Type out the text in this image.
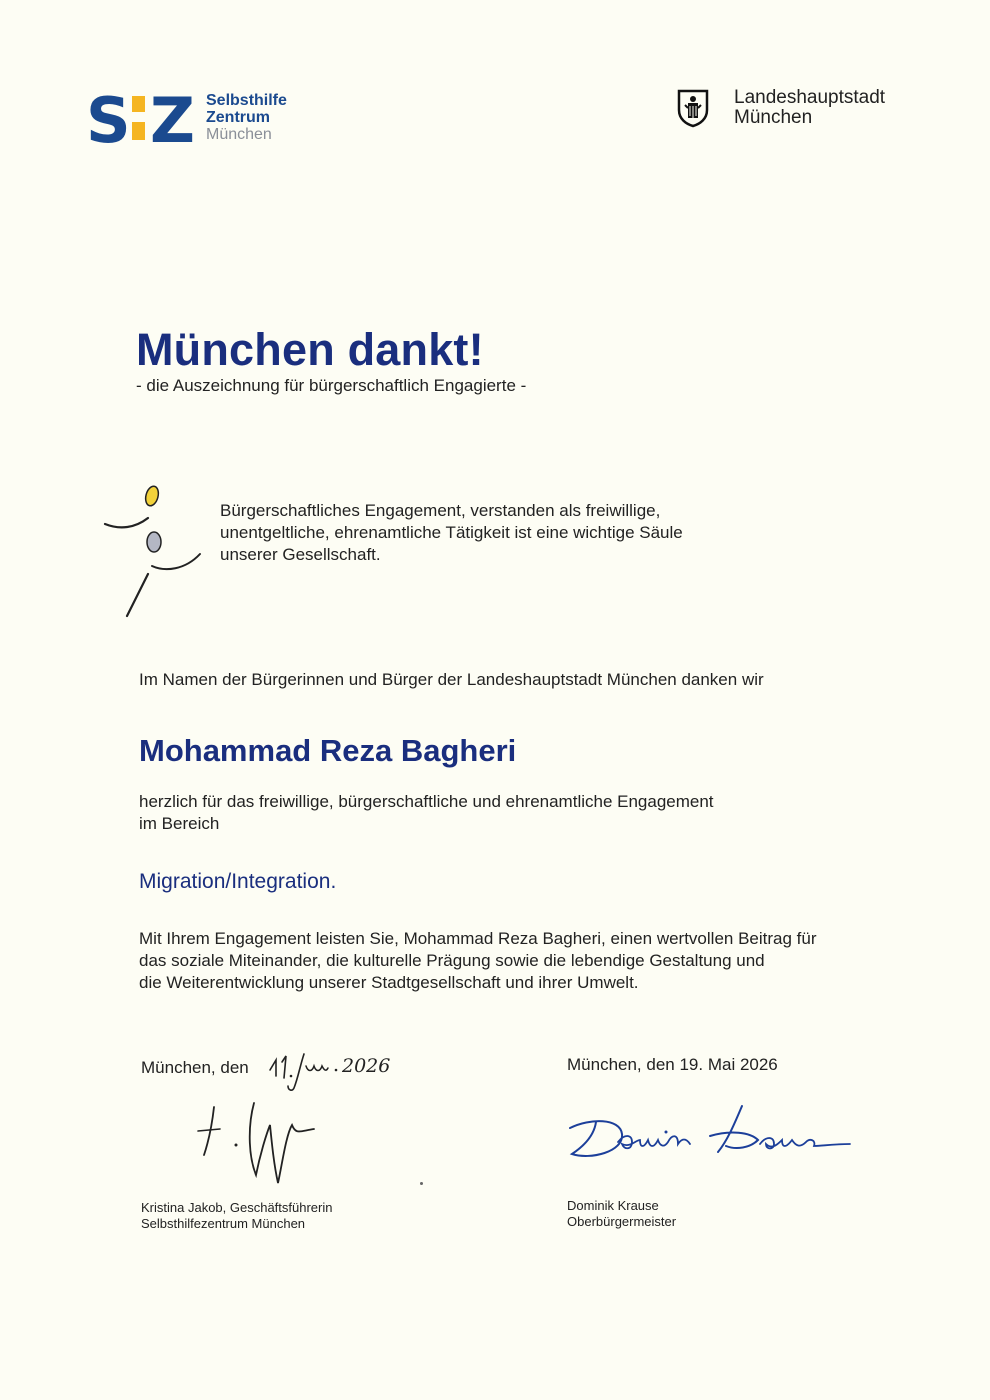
S Z Selbsthilfe
Zentrum
München
Landeshauptstadt
München
München dankt!
- die Auszeichnung für bürgerschaftlich Engagierte -
Bürgerschaftliches Engagement, verstanden als freiwillige,
unentgeltliche, ehrenamtliche Tätigkeit ist eine wichtige Säule
unserer Gesellschaft.
Im Namen der Bürgerinnen und Bürger der Landeshauptstadt München danken wir
Mohammad Reza Bagheri
herzlich für das freiwillige, bürgerschaftliche und ehrenamtliche Engagement
im Bereich
Migration/Integration.
Mit Ihrem Engagement leisten Sie, Mohammad Reza Bagheri, einen wertvollen Beitrag für
das soziale Miteinander, die kulturelle Prägung sowie die lebendige Gestaltung und
die Weiterentwicklung unserer Stadtgesellschaft und ihrer Umwelt.
München, den	2026
Kristina Jakob, Geschäftsführerin
Selbsthilfezentrum München
München, den 19. Mai 2026
Dominik Krause
Oberbürgermeister
